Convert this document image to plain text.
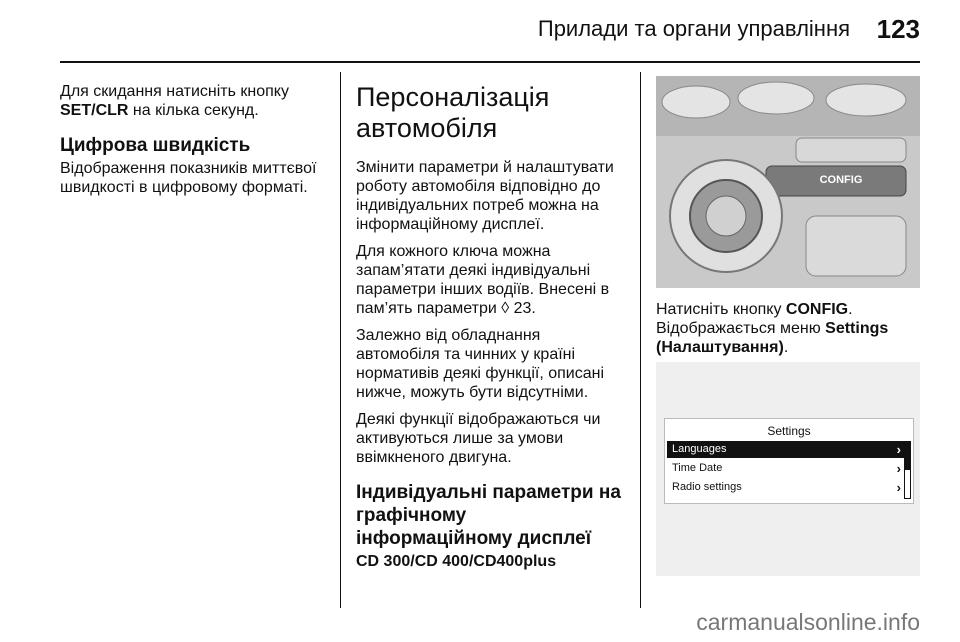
Прилади та органи управління 123

Для скидання натисніть кнопку
SET/CLR на кілька секунд.

Цифрова швидкість

Відображення показників миттєвої швидкості в цифровому форматі.

Персоналізація автомобіля

Змінити параметри й налаштувати роботу автомобіля відповідно до індивідуальних потреб можна на інформаційному дисплеї.

Для кожного ключа можна запам’ятати деякі індивідуальні параметри інших водіїв. Внесені в пам’ять параметри ◊ 23.

Залежно від обладнання автомобіля та чинних у країні нормативів деякі функції, описані нижче, можуть бути відсутніми.

Деякі функції відображаються чи активуються лише за умови ввімкненого двигуна.

Індивідуальні параметри на графічному інформаційному дисплеї
CD 300/CD 400/CD400plus
CONFIG

Натисніть кнопку CONFIG.

Відображається меню Settings (Налаштування).

Settings
Languages	›
Time Date	›
Radio settings	›
carmanualsonline.info
